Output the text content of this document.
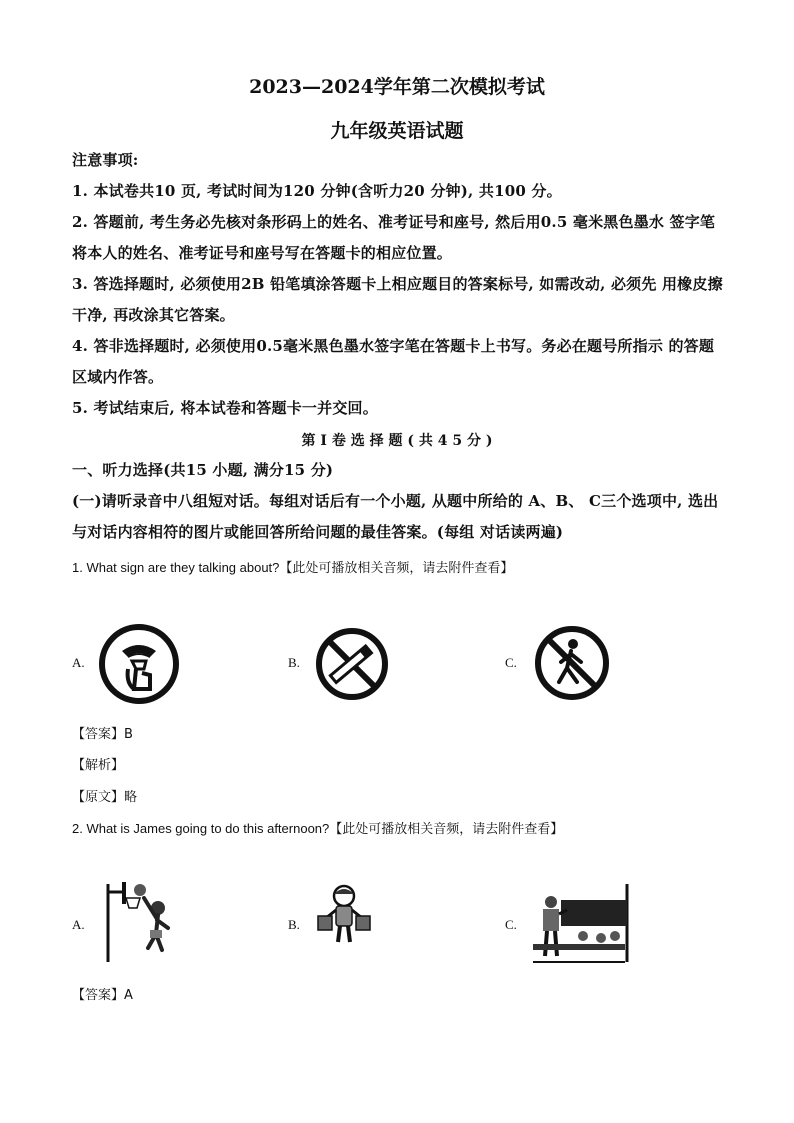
2023—2024学年第二次模拟考试
九年级英语试题
注意事项:
1. 本试卷共10 页, 考试时间为120 分钟(含听力20 分钟), 共100 分。
2. 答题前, 考生务必先核对条形码上的姓名、准考证号和座号, 然后用0.5 毫米黑色墨水 签字笔将本人的姓名、准考证号和座号写在答题卡的相应位置。
3. 答选择题时, 必须使用2B 铅笔填涂答题卡上相应题目的答案标号, 如需改动, 必须先 用橡皮擦干净, 再改涂其它答案。
4. 答非选择题时, 必须使用0.5毫米黑色墨水签字笔在答题卡上书写。务必在题号所指示 的答题区域内作答。
5. 考试结束后, 将本试卷和答题卡一并交回。
第 I 卷 选 择 题 ( 共 4 5 分 )
一、听力选择(共15 小题, 满分15 分)
(一)请听录音中八组短对话。每组对话后有一个小题, 从题中所给的 A、B、 C三个选项中, 选出与对话内容相符的图片或能回答所给问题的最佳答案。(每组 对话读两遍)
1. What sign are they talking about?【此处可播放相关音频，请去附件查看】
A.	B.	C.
【答案】B
【解析】
【原文】略
2. What is James going to do this afternoon?【此处可播放相关音频，请去附件查看】
A.	B.	C.
【答案】A
